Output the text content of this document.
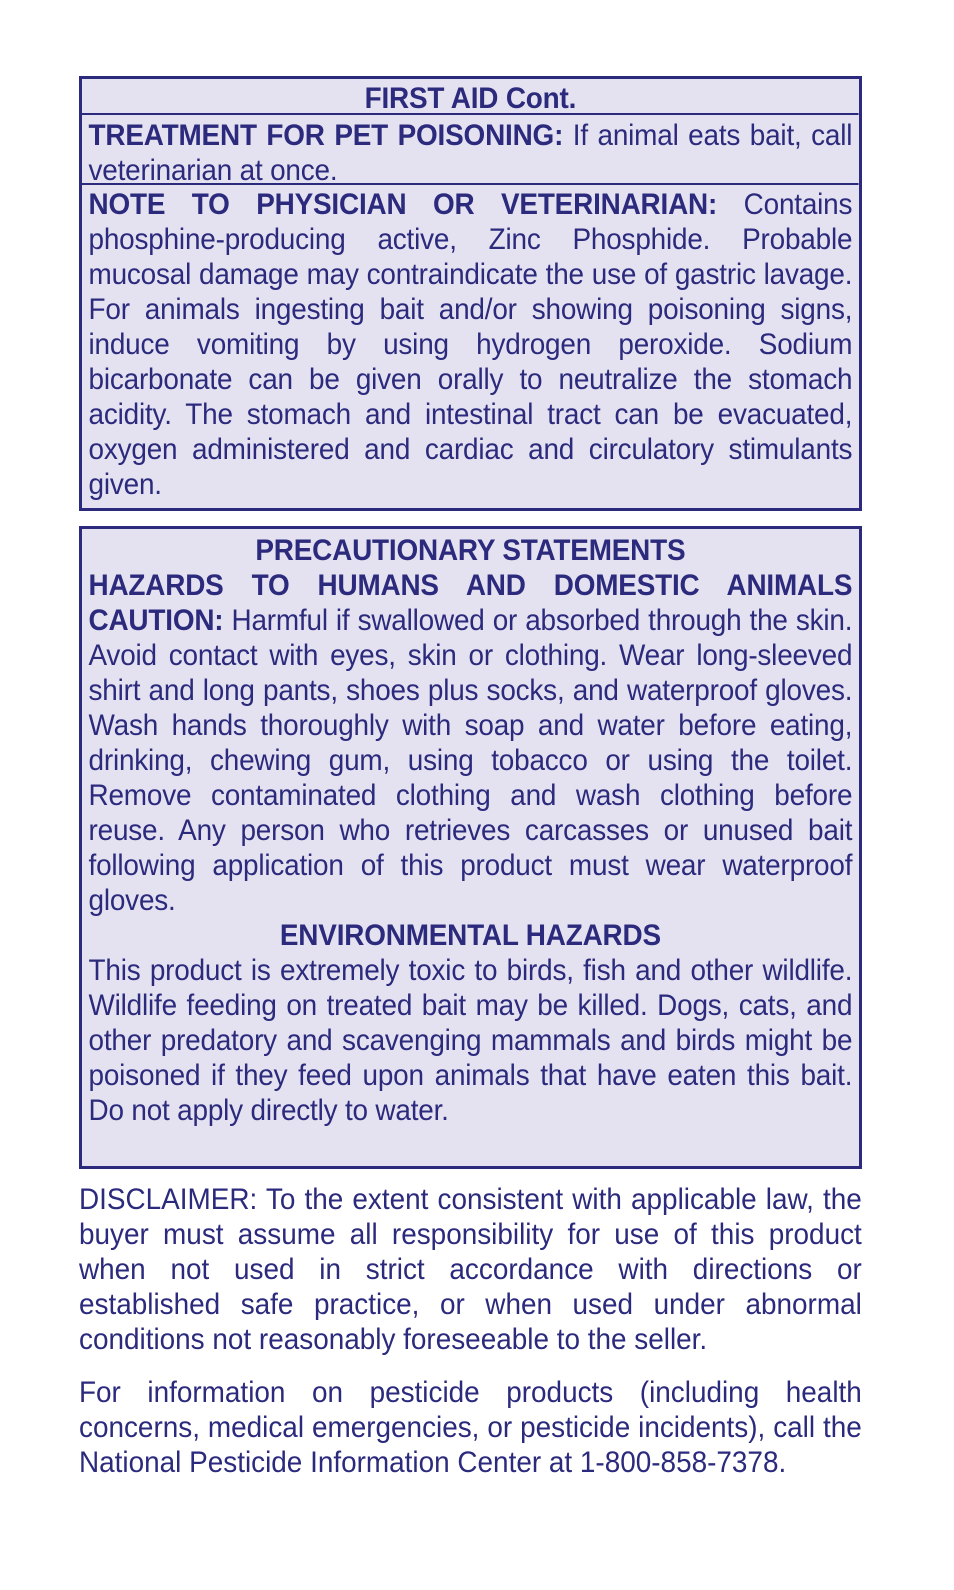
FIRST AID Cont.
TREATMENT FOR PET POISONING: If animal eats bait, call veterinarian at once.
NOTE TO PHYSICIAN OR VETERINARIAN: Contains phosphine-producing active, Zinc Phosphide. Probable mucosal damage may contraindicate the use of gastric lavage. For animals ingesting bait and/or showing poisoning signs, induce vomiting by using hydrogen peroxide. Sodium bicarbonate can be given orally to neutralize the stomach acidity. The stomach and intestinal tract can be evacuated, oxygen administered and cardiac and circulatory stimulants given.
PRECAUTIONARY STATEMENTS
HAZARDS TO HUMANS AND DOMESTIC ANIMALS
CAUTION: Harmful if swallowed or absorbed through the skin. Avoid contact with eyes, skin or clothing. Wear long-sleeved shirt and long pants, shoes plus socks, and waterproof gloves. Wash hands thoroughly with soap and water before eating, drinking, chewing gum, using tobacco or using the toilet. Remove contaminated clothing and wash clothing before reuse. Any person who retrieves carcasses or unused bait following application of this product must wear waterproof gloves.
ENVIRONMENTAL HAZARDS
This product is extremely toxic to birds, fish and other wildlife. Wildlife feeding on treated bait may be killed. Dogs, cats, and other predatory and scavenging mammals and birds might be poisoned if they feed upon animals that have eaten this bait. Do not apply directly to water.
DISCLAIMER: To the extent consistent with applicable law, the buyer must assume all responsibility for use of this product when not used in strict accordance with directions or established safe practice, or when used under abnormal conditions not reasonably foreseeable to the seller.
For information on pesticide products (including health concerns, medical emergencies, or pesticide incidents), call the National Pesticide Information Center at 1-800-858-7378.
